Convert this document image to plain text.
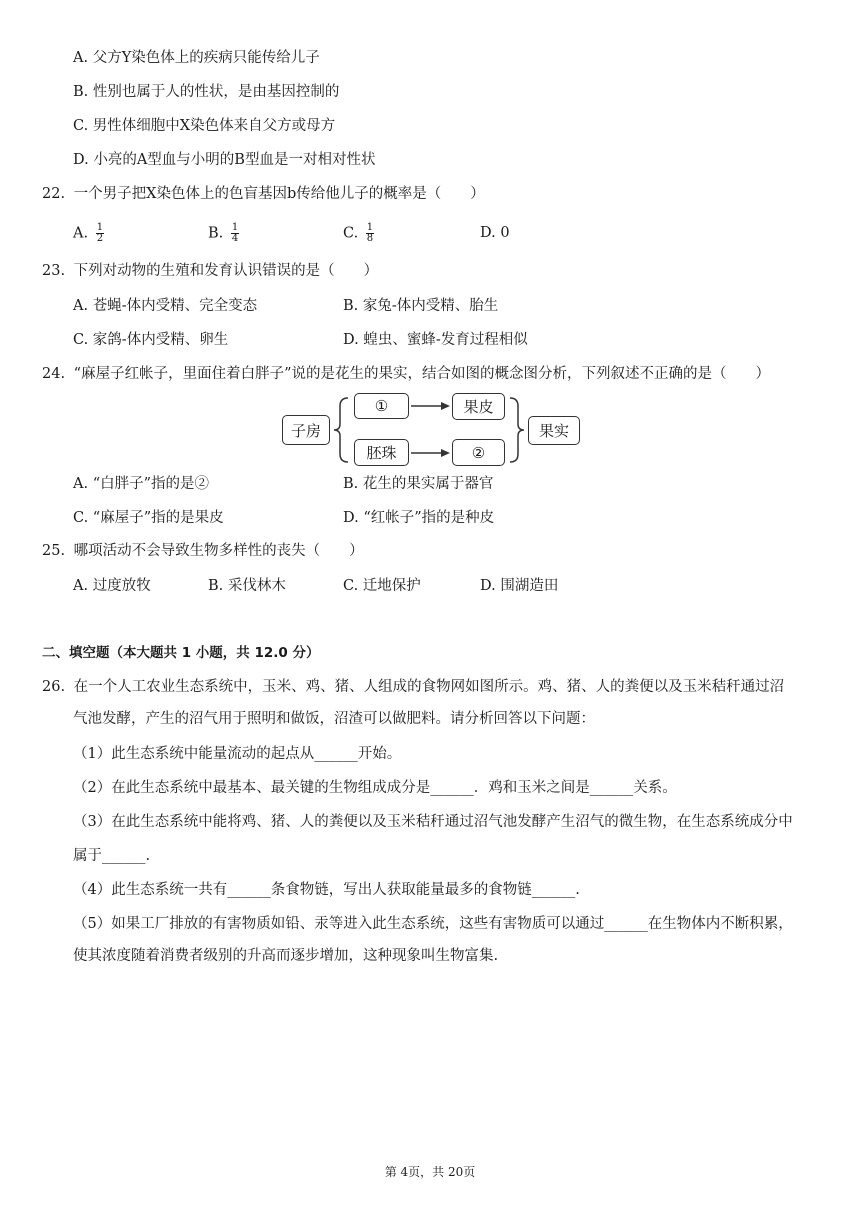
A. 父方Y染色体上的疾病只能传给儿子
B. 性别也属于人的性状，是由基因控制的
C. 男性体细胞中X染色体来自父方或母方
D. 小亮的A型血与小明的B型血是一对相对性状
22. 一个男子把X染色体上的色盲基因b传给他儿子的概率是（　　）
A. $\frac{1}{2}$	B. $\frac{1}{4}$	C. $\frac{1}{8}$	D. 0
23. 下列对动物的生殖和发育认识错误的是（　　）
A. 苍蝇-体内受精、完全变态	B. 家兔-体内受精、胎生
C. 家鸽-体内受精、卵生	D. 蝗虫、蜜蜂-发育过程相似
24. “麻屋子红帐子，里面住着白胖子”说的是花生的果实，结合如图的概念图分析，下列叙述不正确的是（　　）
子房
①	果皮
胚珠	②
果实
A. “白胖子”指的是②	B. 花生的果实属于器官
C. “麻屋子”指的是果皮	D. “红帐子”指的是种皮
25. 哪项活动不会导致生物多样性的丧失（　　）
A. 过度放牧	B. 采伐林木	C. 迁地保护	D. 围湖造田
二、填空题（本大题共 1 小题，共 12.0 分）
26. 在一个人工农业生态系统中，玉米、鸡、猪、人组成的食物网如图所示。鸡、猪、人的粪便以及玉米秸秆通过沼
气池发酵，产生的沼气用于照明和做饭，沼渣可以做肥料。请分析回答以下问题：
（1）此生态系统中能量流动的起点从______开始。
（2）在此生态系统中最基本、最关键的生物组成成分是______．鸡和玉米之间是______关系。
（3）在此生态系统中能将鸡、猪、人的粪便以及玉米秸秆通过沼气池发酵产生沼气的微生物，在生态系统成分中
属于______.
（4）此生态系统一共有______条食物链，写出人获取能量最多的食物链______.
（5）如果工厂排放的有害物质如铅、汞等进入此生态系统，这些有害物质可以通过______在生物体内不断积累，
使其浓度随着消费者级别的升高而逐步增加，这种现象叫生物富集.
第 4页，共 20页
